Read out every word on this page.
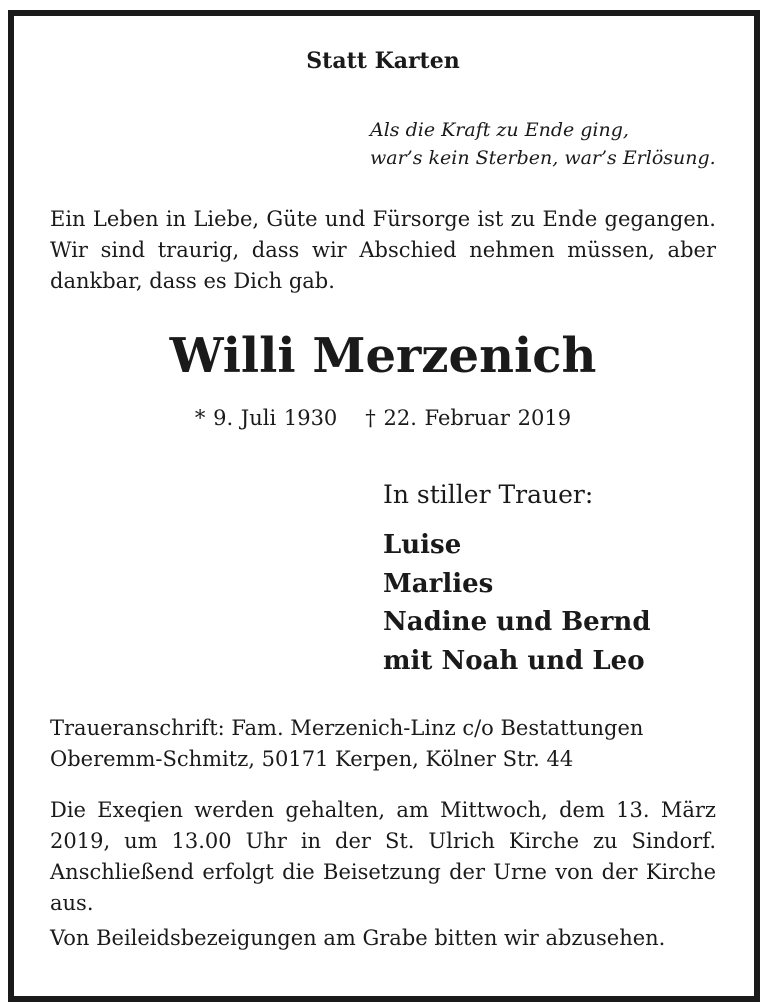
Statt Karten
Als die Kraft zu Ende ging,
war’s kein Sterben, war’s Erlösung.
Ein Leben in Liebe, Güte und Fürsorge ist zu Ende gegangen. Wir sind traurig, dass wir Abschied nehmen müssen, aber dankbar, dass es Dich gab.
Willi Merzenich
* 9. Juli 1930 † 22. Februar 2019
In stiller Trauer:
Luise
Marlies
Nadine und Bernd
mit Noah und Leo
Traueranschrift: Fam. Merzenich-Linz c/o Bestattungen
Oberemm-Schmitz, 50171 Kerpen, Kölner Str. 44
Die Exeqien werden gehalten, am Mittwoch, dem 13. März 2019, um 13.00 Uhr in der St. Ulrich Kirche zu Sindorf. Anschließend erfolgt die Beisetzung der Urne von der Kirche aus.
Von Beileidsbezeigungen am Grabe bitten wir abzusehen.
